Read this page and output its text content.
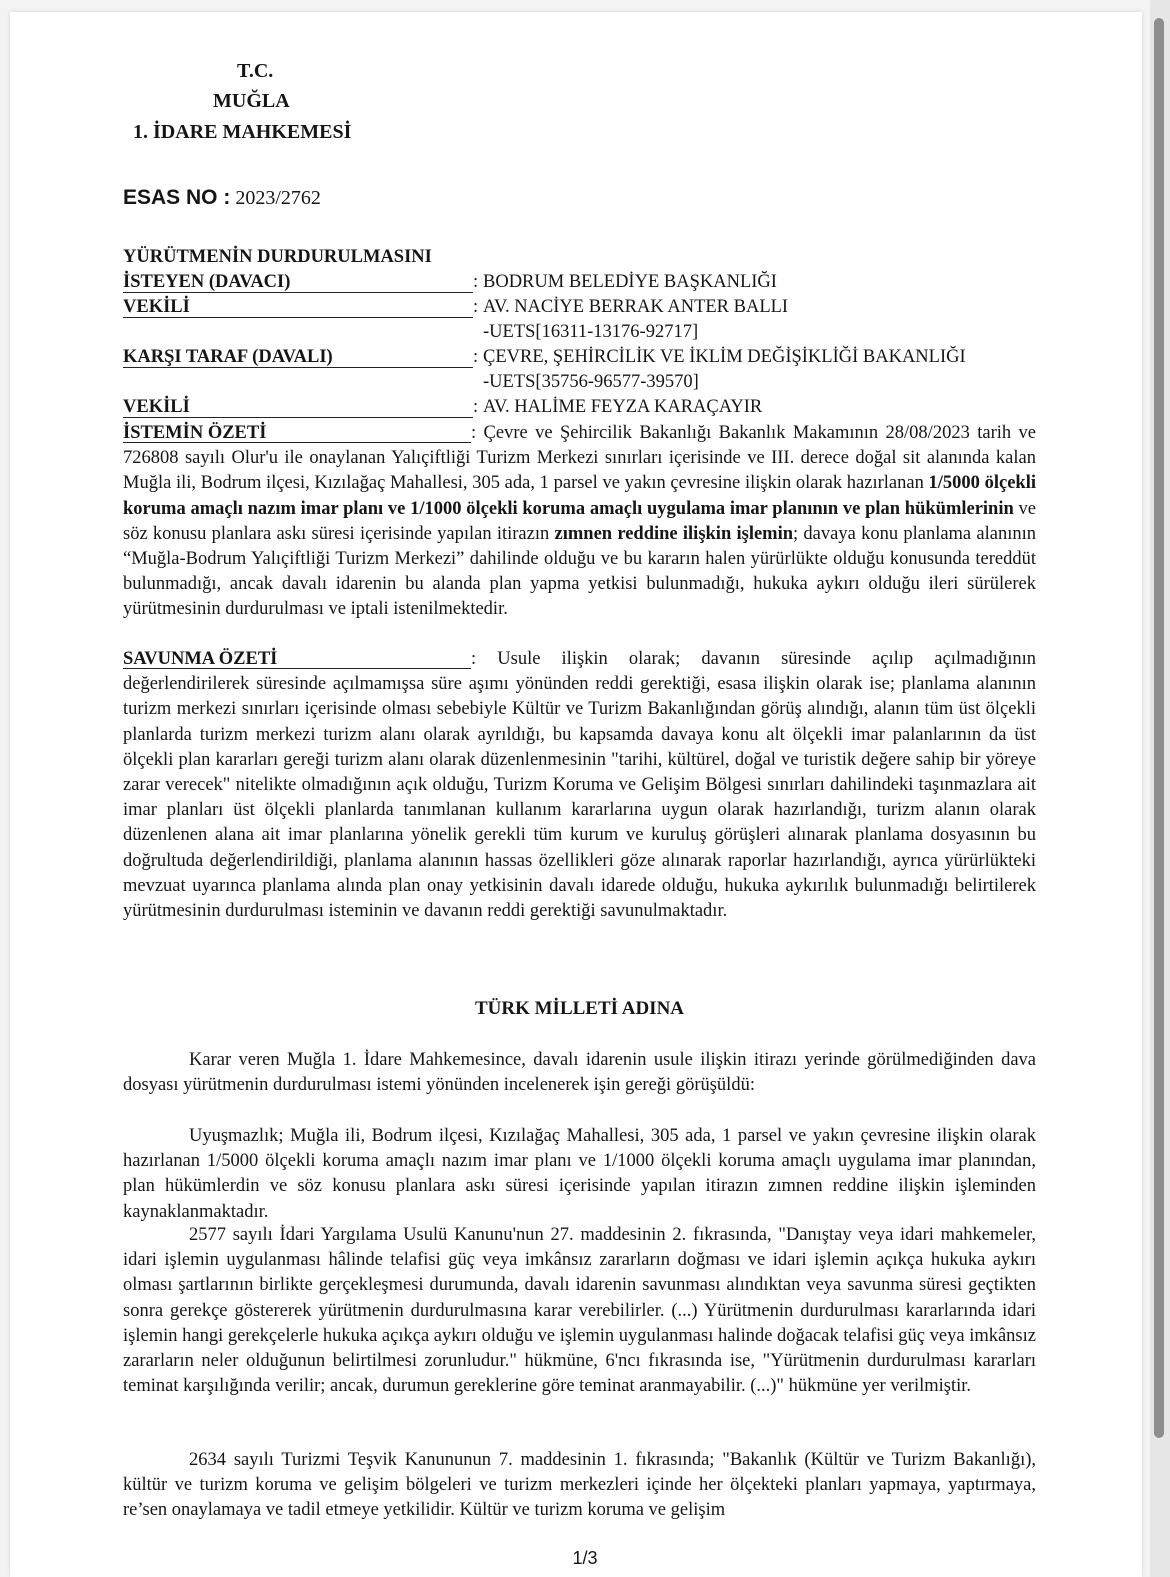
T.C.
MUĞLA
1. İDARE MAHKEMESİ
ESAS NO : 2023/2762
YÜRÜTMENİN DURDURULMASINI
İSTEYEN (DAVACI)	: BODRUM BELEDİYE BAŞKANLIĞI
VEKİLİ	: AV. NACİYE BERRAK ANTER BALLI
-UETS[16311-13176-92717]
KARŞI TARAF (DAVALI)	: ÇEVRE, ŞEHİRCİLİK VE İKLİM DEĞİŞİKLİĞİ BAKANLIĞI
-UETS[35756-96577-39570]
VEKİLİ	: AV. HALİME FEYZA KARAÇAYIR

İSTEMİN ÖZETİ	: Çevre ve Şehircilik Bakanlığı Bakanlık Makamının 28/08/2023 tarih ve 726808 sayılı Olur'u ile onaylanan Yalıçiftliği Turizm Merkezi sınırları içerisinde ve III. derece doğal sit alanında kalan Muğla ili, Bodrum ilçesi, Kızılağaç Mahallesi, 305 ada, 1 parsel ve yakın çevresine ilişkin olarak hazırlanan 1/5000 ölçekli koruma amaçlı nazım imar planı ve 1/1000 ölçekli koruma amaçlı uygulama imar planının ve plan hükümlerinin ve söz konusu planlara askı süresi içerisinde yapılan itirazın zımnen reddine ilişkin işlemin; davaya konu planlama alanının “Muğla-Bodrum Yalıçiftliği Turizm Merkezi” dahilinde olduğu ve bu kararın halen yürürlükte olduğu konusunda tereddüt bulunmadığı, ancak davalı idarenin bu alanda plan yapma yetkisi bulunmadığı, hukuka aykırı olduğu ileri sürülerek yürütmesinin durdurulması ve iptali istenilmektedir.

SAVUNMA ÖZETİ	: Usule ilişkin olarak; davanın süresinde açılıp açılmadığının değerlendirilerek süresinde açılmamışsa süre aşımı yönünden reddi gerektiği, esasa ilişkin olarak ise; planlama alanının turizm merkezi sınırları içerisinde olması sebebiyle Kültür ve Turizm Bakanlığından görüş alındığı, alanın tüm üst ölçekli planlarda turizm merkezi turizm alanı olarak ayrıldığı, bu kapsamda davaya konu alt ölçekli imar palanlarının da üst ölçekli plan kararları gereği turizm alanı olarak düzenlenmesinin "tarihi, kültürel, doğal ve turistik değere sahip bir yöreye zarar verecek" nitelikte olmadığının açık olduğu, Turizm Koruma ve Gelişim Bölgesi sınırları dahilindeki taşınmazlara ait imar planları üst ölçekli planlarda tanımlanan kullanım kararlarına uygun olarak hazırlandığı, turizm alanın olarak düzenlenen alana ait imar planlarına yönelik gerekli tüm kurum ve kuruluş görüşleri alınarak planlama dosyasının bu doğrultuda değerlendirildiği, planlama alanının hassas özellikleri göze alınarak raporlar hazırlandığı, ayrıca yürürlükteki mevzuat uyarınca planlama alında plan onay yetkisinin davalı idarede olduğu, hukuka aykırılık bulunmadığı belirtilerek yürütmesinin durdurulması isteminin ve davanın reddi gerektiği savunulmaktadır.

TÜRK MİLLETİ ADINA

Karar veren Muğla 1. İdare Mahkemesince, davalı idarenin usule ilişkin itirazı yerinde görülmediğinden dava dosyası yürütmenin durdurulması istemi yönünden incelenerek işin gereği görüşüldü:

Uyuşmazlık; Muğla ili, Bodrum ilçesi, Kızılağaç Mahallesi, 305 ada, 1 parsel ve yakın çevresine ilişkin olarak hazırlanan 1/5000 ölçekli koruma amaçlı nazım imar planı ve 1/1000 ölçekli koruma amaçlı uygulama imar planından, plan hükümlerdin ve söz konusu planlara askı süresi içerisinde yapılan itirazın zımnen reddine ilişkin işleminden kaynaklanmaktadır.

2577 sayılı İdari Yargılama Usulü Kanunu'nun 27. maddesinin 2. fıkrasında, "Danıştay veya idari mahkemeler, idari işlemin uygulanması hâlinde telafisi güç veya imkânsız zararların doğması ve idari işlemin açıkça hukuka aykırı olması şartlarının birlikte gerçekleşmesi durumunda, davalı idarenin savunması alındıktan veya savunma süresi geçtikten sonra gerekçe göstererek yürütmenin durdurulmasına karar verebilirler. (...) Yürütmenin durdurulması kararlarında idari işlemin hangi gerekçelerle hukuka açıkça aykırı olduğu ve işlemin uygulanması halinde doğacak telafisi güç veya imkânsız zararların neler olduğunun belirtilmesi zorunludur." hükmüne, 6'ncı fıkrasında ise, "Yürütmenin durdurulması kararları teminat karşılığında verilir; ancak, durumun gereklerine göre teminat aranmayabilir. (...)" hükmüne yer verilmiştir.

2634 sayılı Turizmi Teşvik Kanununun 7. maddesinin 1. fıkrasında; "Bakanlık (Kültür ve Turizm Bakanlığı), kültür ve turizm koruma ve gelişim bölgeleri ve turizm merkezleri içinde her ölçekteki planları yapmaya, yaptırmaya, re’sen onaylamaya ve tadil etmeye yetkilidir. Kültür ve turizm koruma ve gelişim

1/3
